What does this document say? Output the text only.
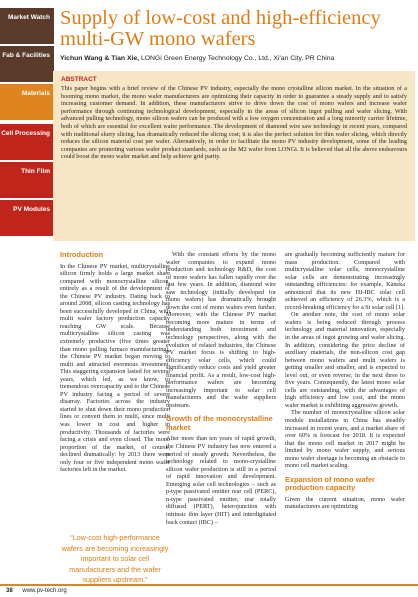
Market Watch
Fab & Facilities
Materials
Cell Processing
Thin Film
PV Modules
Supply of low-cost and high-efficiency multi-GW mono wafers
Yichun Wang & Tian Xie, LONGi Green Energy Technology Co., Ltd., Xi'an City, PR China
ABSTRACT

This paper begins with a brief review of the Chinese PV industry, especially the mono crystalline silicon market. In the situation of a booming mono market, the mono wafer manufacturers are optimizing their capacity in order to guarantee a steady supply and to satisfy increasing customer demand. In addition, these manufacturers strive to drive down the cost of mono wafers and increase wafer performance through continuing technological development, especially in the areas of silicon ingot pulling and wafer slicing. With advanced pulling technology, mono silicon wafers can be produced with a low oxygen concentration and a long minority carrier lifetime, both of which are essential for excellent wafer performance. The development of diamond wire saw technology in recent years, compared with traditional slurry slicing, has dramatically reduced the slicing cost; it is also the perfect solution for thin wafer slicing, which directly reduces the silicon material cost per wafer. Alternatively, in order to facilitate the mono PV industry development, some of the leading companies are promoting various wafer product standards, such as the M2 wafer from LONGi. It is believed that all the above endeavours could boost the mono wafer market and help achieve grid parity.

Introduction

In the Chinese PV market, multicrystalline silicon firmly holds a large market share compared with monocrystalline silicon, entirely as a result of the development of the Chinese PV industry. Dating back to around 2008, silicon casting technology has been successfully developed in China, with multi wafer factory production capacity reaching GW scale. Because multicrystalline silicon casting was extremely productive (five times greater than mono pulling furnace manufacturing), the Chinese PV market began moving to multi and attracted enormous investment. This staggering expansion lasted for several years, which led, as we know, to tremendous overcapacity and to the Chinese PV industry facing a period of severe disarray. Factories across the industry started to shut down their mono production lines or convert them to multi, since multi was lower in cost and higher in productivity. Thousands of factories were facing a crisis and even closed. The mono proportion of the market, of course, declined dramatically: by 2013 there were only four or five independent mono wafer factories left in the market.

“Low-cost high-performance wafers are becoming increasingly important to solar cell manufacturers and the wafer suppliers upstream.”

With the constant efforts by the mono wafer companies to expand mono production and technology R&D, the cost of mono wafers has fallen rapidly over the last few years. In addition, diamond wire saw technology (initially developed for mono wafers) has dramatically brought down the cost of mono wafers even further. Moreover, with the Chinese PV market becoming more mature in terms of understanding both investment and technology perspectives, along with the evolution of related industries, the Chinese PV market focus is shifting to high-efficiency solar cells, which could significantly reduce costs and yield greater financial profit. As a result, low-cost high-performance wafers are becoming increasingly important to solar cell manufacturers and the wafer suppliers upstream.

Growth of the monocrystalline market

After more than ten years of rapid growth, the Chinese PV industry has now entered a period of steady growth. Nevertheless, the technology related to mono-crystalline silicon wafer production is still in a period of rapid innovation and development. Emerging solar cell technologies – such as p-type passivated emitter rear cell (PERC), n-type passivated emitter, rear totally diffused (PERT), heterojunction with intrinsic thin layer (HIT) and interdigitated back contact (IBC) –

are gradually becoming sufficiently mature for mass production. Compared with multicrystalline solar cells, monocrystalline solar cells are demonstrating increasingly outstanding efficiencies: for example, Kaneka announced that its new HJ-IBC solar cell achieved an efficiency of 26.3%, which is a record-breaking efficiency for a Si solar cell [1].

On another note, the cost of mono solar wafers is being reduced through process technology and material innovation, especially in the areas of ingot growing and wafer slicing. In addition, considering the price decline of auxiliary materials, the non-silicon cost gap between mono wafers and multi wafers is getting smaller and smaller, and is expected to level out, or even reverse, in the next three to five years. Consequently, the latest mono solar cells are outstanding, with the advantages of high efficiency and low cost, and the mono wafer market is exhibiting aggressive growth.

The number of monocrystalline silicon solar module installations in China has steadily increased in recent years, and a market share of over 60% is forecast for 2018. It is expected that the mono cell market in 2017 might be limited by mono wafer supply, and serious mono wafer shortage is becoming an obstacle to mono cell market scaling.

Expansion of mono wafer production capacity

Given the current situation, mono wafer manufacturers are optimizing

38 www.pv-tech.org
